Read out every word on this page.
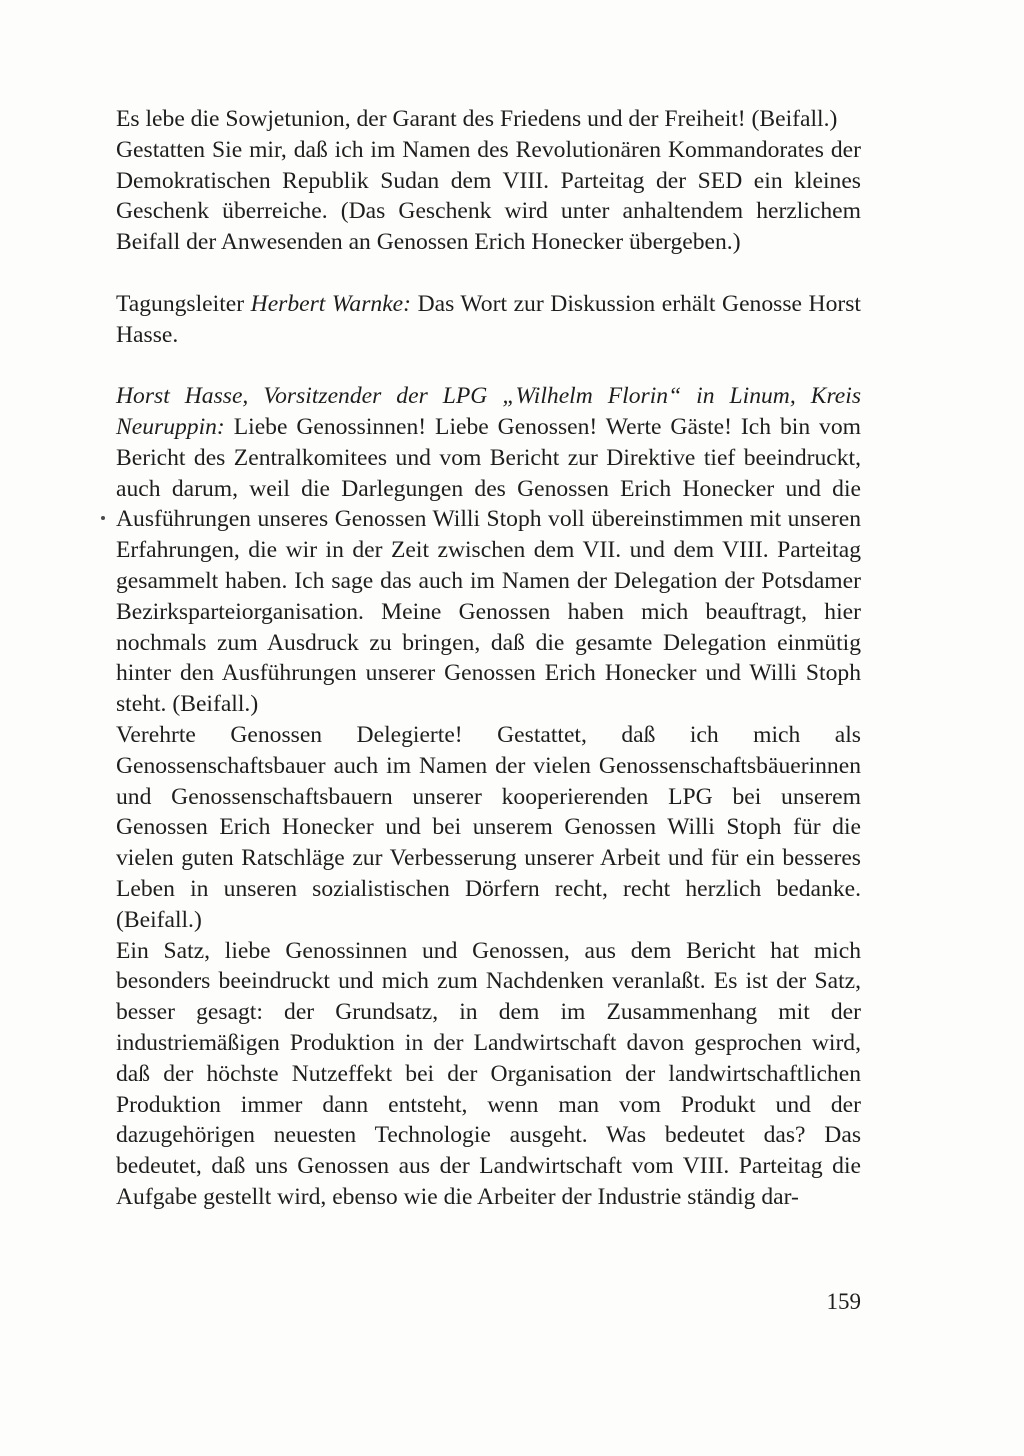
Es lebe die Sowjetunion, der Garant des Friedens und der Freiheit! (Beifall.)

Gestatten Sie mir, daß ich im Namen des Revolutionären Kommandorates der Demokratischen Republik Sudan dem VIII. Parteitag der SED ein kleines Geschenk überreiche. (Das Geschenk wird unter anhaltendem herzlichem Beifall der Anwesenden an Genossen Erich Honecker übergeben.)

Tagungsleiter Herbert Warnke: Das Wort zur Diskussion erhält Genosse Horst Hasse.

Horst Hasse, Vorsitzender der LPG „Wilhelm Florin“ in Linum, Kreis Neuruppin: Liebe Genossinnen! Liebe Genossen! Werte Gäste! Ich bin vom Bericht des Zentralkomitees und vom Bericht zur Direktive tief beeindruckt, auch darum, weil die Darlegungen des Genossen Erich Honecker und die Ausführungen unseres Genossen Willi Stoph voll übereinstimmen mit unseren Erfahrungen, die wir in der Zeit zwischen dem VII. und dem VIII. Parteitag gesammelt haben. Ich sage das auch im Namen der Delegation der Potsdamer Bezirksparteiorganisation. Meine Genossen haben mich beauftragt, hier nochmals zum Ausdruck zu bringen, daß die gesamte Delegation einmütig hinter den Ausführungen unserer Genossen Erich Honecker und Willi Stoph steht. (Beifall.)

Verehrte Genossen Delegierte! Gestattet, daß ich mich als Genossenschaftsbauer auch im Namen der vielen Genossenschaftsbäuerinnen und Genossenschaftsbauern unserer kooperierenden LPG bei unserem Genossen Erich Honecker und bei unserem Genossen Willi Stoph für die vielen guten Ratschläge zur Verbesserung unserer Arbeit und für ein besseres Leben in unseren sozialistischen Dörfern recht, recht herzlich bedanke. (Beifall.)

Ein Satz, liebe Genossinnen und Genossen, aus dem Bericht hat mich besonders beeindruckt und mich zum Nachdenken veranlaßt. Es ist der Satz, besser gesagt: der Grundsatz, in dem im Zusammenhang mit der industriemäßigen Produktion in der Landwirtschaft davon gesprochen wird, daß der höchste Nutzeffekt bei der Organisation der landwirtschaftlichen Produktion immer dann entsteht, wenn man vom Produkt und der dazugehörigen neuesten Technologie ausgeht. Was bedeutet das? Das bedeutet, daß uns Genossen aus der Landwirtschaft vom VIII. Parteitag die Aufgabe gestellt wird, ebenso wie die Arbeiter der Industrie ständig dar-

159
